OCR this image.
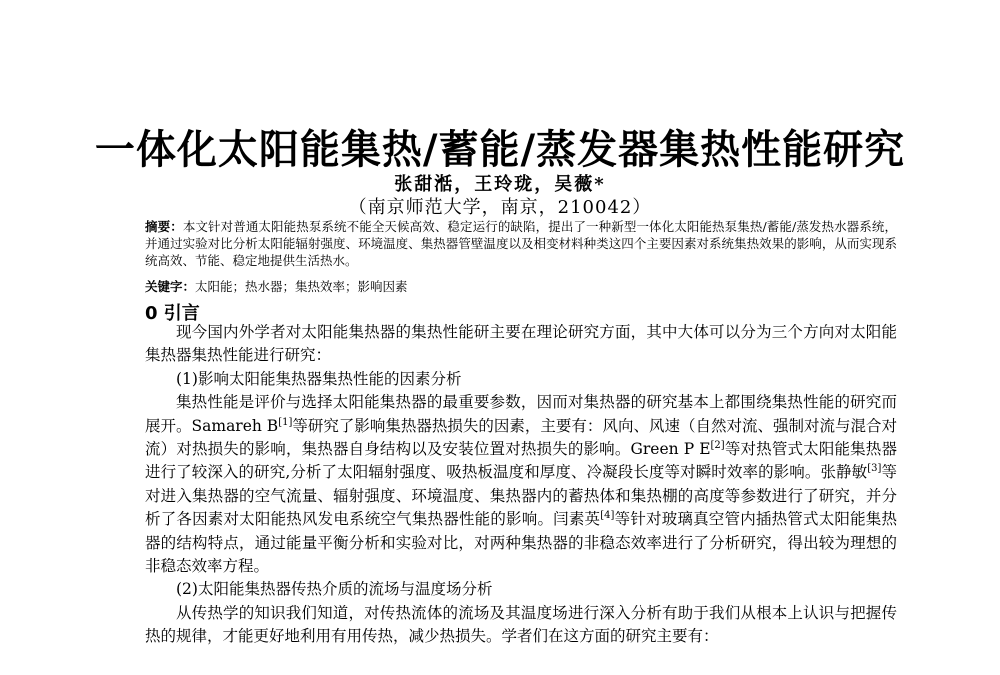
一体化太阳能集热/蓄能/蒸发器集热性能研究
张甜湉，王玲珑，吴薇*
（南京师范大学，南京，210042）
摘要：本文针对普通太阳能热泵系统不能全天候高效、稳定运行的缺陷，提出了一种新型一体化太阳能热泵集热/蓄能/蒸发热水器系统，并通过实验对比分析太阳能辐射强度、环境温度、集热器管壁温度以及相变材料种类这四个主要因素对系统集热效果的影响，从而实现系统高效、节能、稳定地提供生活热水。
关键字：太阳能；热水器；集热效率；影响因素
0 引言

现今国内外学者对太阳能集热器的集热性能研主要在理论研究方面，其中大体可以分为三个方向对太阳能集热器集热性能进行研究：

(1)影响太阳能集热器集热性能的因素分析

集热性能是评价与选择太阳能集热器的最重要参数，因而对集热器的研究基本上都围绕集热性能的研究而展开。Samareh B[1]等研究了影响集热器热损失的因素，主要有：风向、风速（自然对流、强制对流与混合对流）对热损失的影响，集热器自身结构以及安装位置对热损失的影响。Green P E[2]等对热管式太阳能集热器进行了较深入的研究,分析了太阳辐射强度、吸热板温度和厚度、冷凝段长度等对瞬时效率的影响。张静敏[3]等对进入集热器的空气流量、辐射强度、环境温度、集热器内的蓄热体和集热棚的高度等参数进行了研究，并分析了各因素对太阳能热风发电系统空气集热器性能的影响。闫素英[4]等针对玻璃真空管内插热管式太阳能集热器的结构特点，通过能量平衡分析和实验对比，对两种集热器的非稳态效率进行了分析研究，得出较为理想的非稳态效率方程。

(2)太阳能集热器传热介质的流场与温度场分析

从传热学的知识我们知道，对传热流体的流场及其温度场进行深入分析有助于我们从根本上认识与把握传热的规律，才能更好地利用有用传热，减少热损失。学者们在这方面的研究主要有：
